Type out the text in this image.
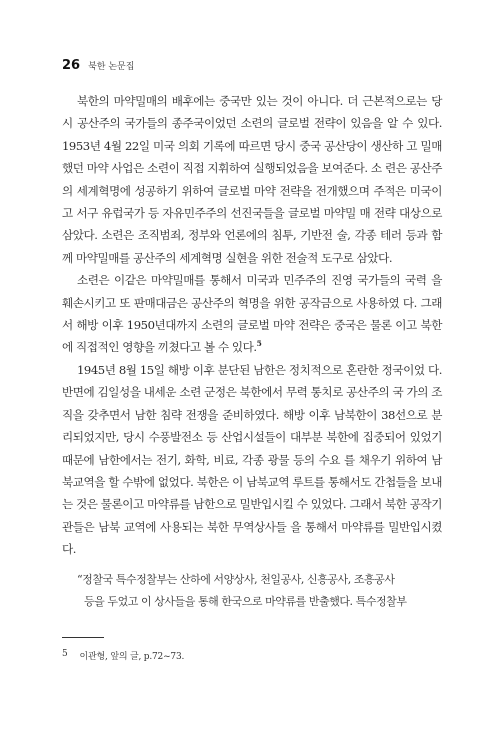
26 북한 논문집

북한의 마약밀매의 배후에는 중국만 있는 것이 아니다. 더 근본적으로는 당시 공산주의 국가들의 종주국이었던 소련의 글로벌 전략이 있음을 알 수 있다. 1953년 4월 22일 미국 의회 기록에 따르면 당시 중국 공산당이 생산하 고 밀매했던 마약 사업은 소련이 직접 지휘하여 실행되었음을 보여준다. 소 련은 공산주의 세계혁명에 성공하기 위하여 글로벌 마약 전략을 전개했으며 주적은 미국이고 서구 유럽국가 등 자유민주주의 선진국들을 글로벌 마약밀 매 전략 대상으로 삼았다. 소련은 조직범죄, 정부와 언론에의 침투, 기반전 술, 각종 테러 등과 함께 마약밀매를 공산주의 세계혁명 실현을 위한 전술적 도구로 삼았다.

소련은 이같은 마약밀매를 통해서 미국과 민주주의 진영 국가들의 국력 을 훼손시키고 또 판매대금은 공산주의 혁명을 위한 공작금으로 사용하였 다. 그래서 해방 이후 1950년대까지 소련의 글로벌 마약 전략은 중국은 물론 이고 북한에 직접적인 영향을 끼쳤다고 볼 수 있다.$^5$

1945년 8월 15일 해방 이후 분단된 남한은 정치적으로 혼란한 정국이었 다. 반면에 김일성을 내세운 소련 군정은 북한에서 무력 통치로 공산주의 국 가의 조직을 갖추면서 남한 침략 전쟁을 준비하였다. 해방 이후 남북한이 38선으로 분리되었지만, 당시 수풍발전소 등 산업시설들이 대부분 북한에 집중되어 있었기 때문에 남한에서는 전기, 화학, 비료, 각종 광물 등의 수요 를 채우기 위하여 남북교역을 할 수밖에 없었다. 북한은 이 남북교역 루트를 통해서도 간첩들을 보내는 것은 물론이고 마약류를 남한으로 밀반입시킬 수 있었다. 그래서 북한 공작기관들은 남북 교역에 사용되는 북한 무역상사들 을 통해서 마약류를 밀반입시켰다.

“정찰국 특수정찰부는 산하에 서양상사, 천일공사, 신흥공사, 조흥공사

등을 두었고 이 상사들을 통해 한국으로 마약류를 반출했다. 특수정찰부

5 이관형, 앞의 글, p.72~73.
